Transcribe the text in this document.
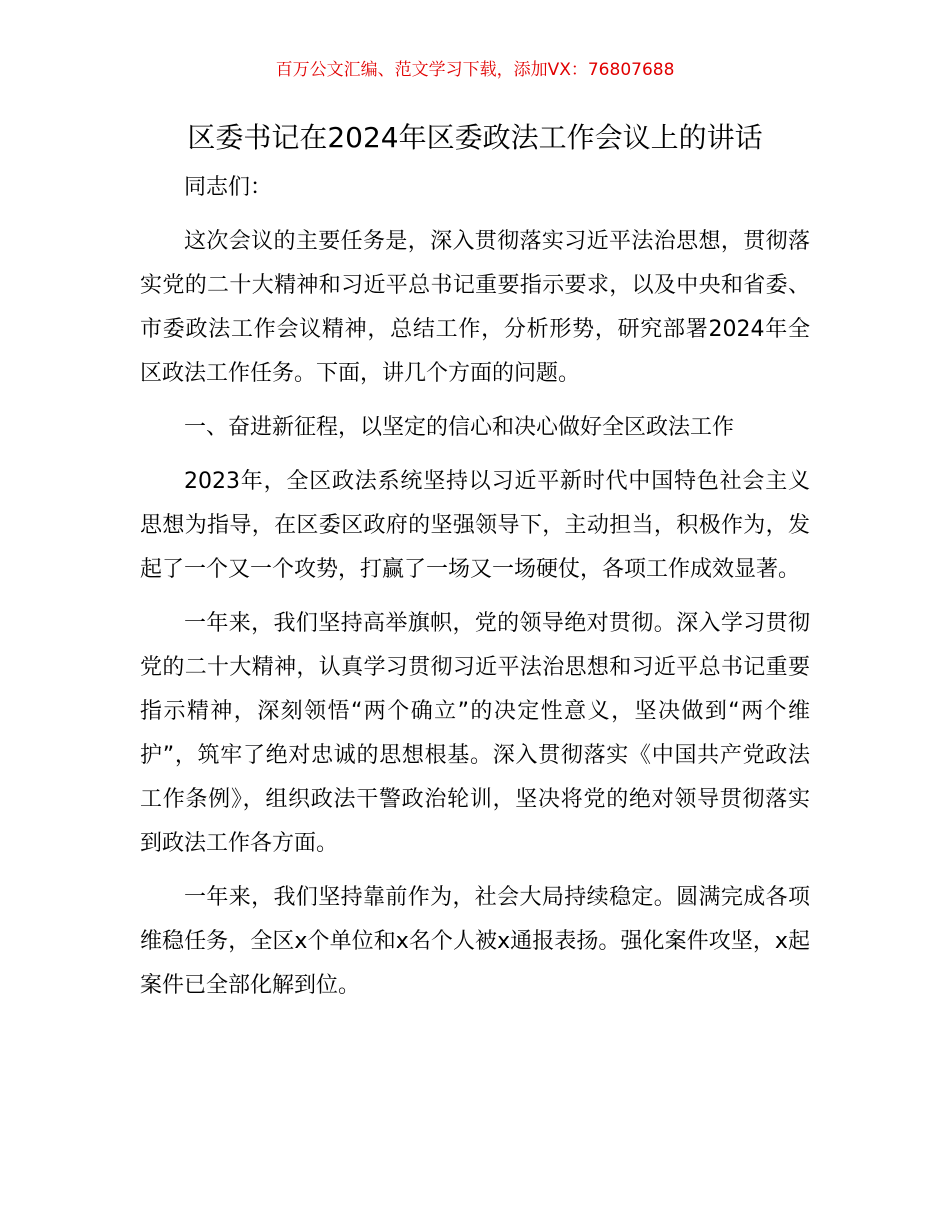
百万公文汇编、范文学习下载，添加VX：76807688
区委书记在2024年区委政法工作会议上的讲话

同志们：

这次会议的主要任务是，深入贯彻落实习近平法治思想，贯彻落实党的二十大精神和习近平总书记重要指示要求，以及中央和省委、市委政法工作会议精神，总结工作，分析形势，研究部署2024年全区政法工作任务。下面，讲几个方面的问题。

一、奋进新征程，以坚定的信心和决心做好全区政法工作

2023年，全区政法系统坚持以习近平新时代中国特色社会主义思想为指导，在区委区政府的坚强领导下，主动担当，积极作为，发起了一个又一个攻势，打赢了一场又一场硬仗，各项工作成效显著。

一年来，我们坚持高举旗帜，党的领导绝对贯彻。深入学习贯彻党的二十大精神，认真学习贯彻习近平法治思想和习近平总书记重要指示精神，深刻领悟“两个确立”的决定性意义，坚决做到“两个维护”，筑牢了绝对忠诚的思想根基。深入贯彻落实《中国共产党政法工作条例》，组织政法干警政治轮训，坚决将党的绝对领导贯彻落实到政法工作各方面。

一年来，我们坚持靠前作为，社会大局持续稳定。圆满完成各项维稳任务，全区x个单位和x名个人被x通报表扬。强化案件攻坚，x起案件已全部化解到位。
